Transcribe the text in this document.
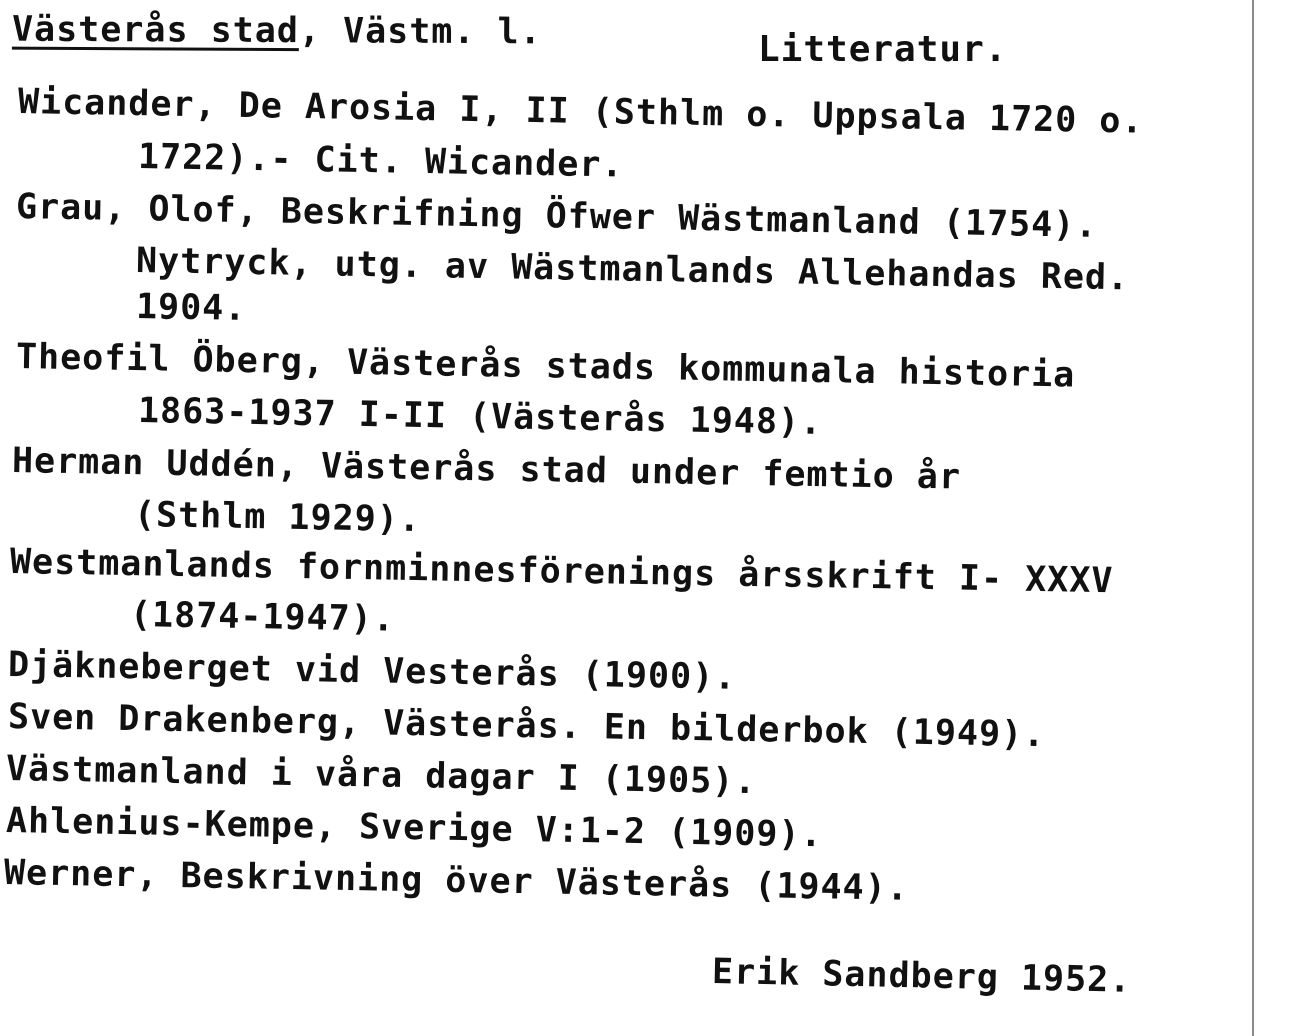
Västerås stad, Västm. l.	Litteratur.
Wicander, De Arosia I, II (Sthlm o. Uppsala 1720 o.
1722).- Cit. Wicander.
Grau, Olof, Beskrifning Öfwer Wästmanland (1754).
Nytryck, utg. av Wästmanlands Allehandas Red.
1904.
Theofil Öberg, Västerås stads kommunala historia
1863-1937 I-II (Västerås 1948).
Herman Uddén, Västerås stad under femtio år
(Sthlm 1929).
Westmanlands fornminnesförenings årsskrift I- XXXV
(1874-1947).
Djäkneberget vid Vesterås (1900).
Sven Drakenberg, Västerås. En bilderbok (1949).
Västmanland i våra dagar I (1905).
Ahlenius-Kempe, Sverige V:1-2 (1909).
Werner, Beskrivning över Västerås (1944).
Erik Sandberg 1952.
